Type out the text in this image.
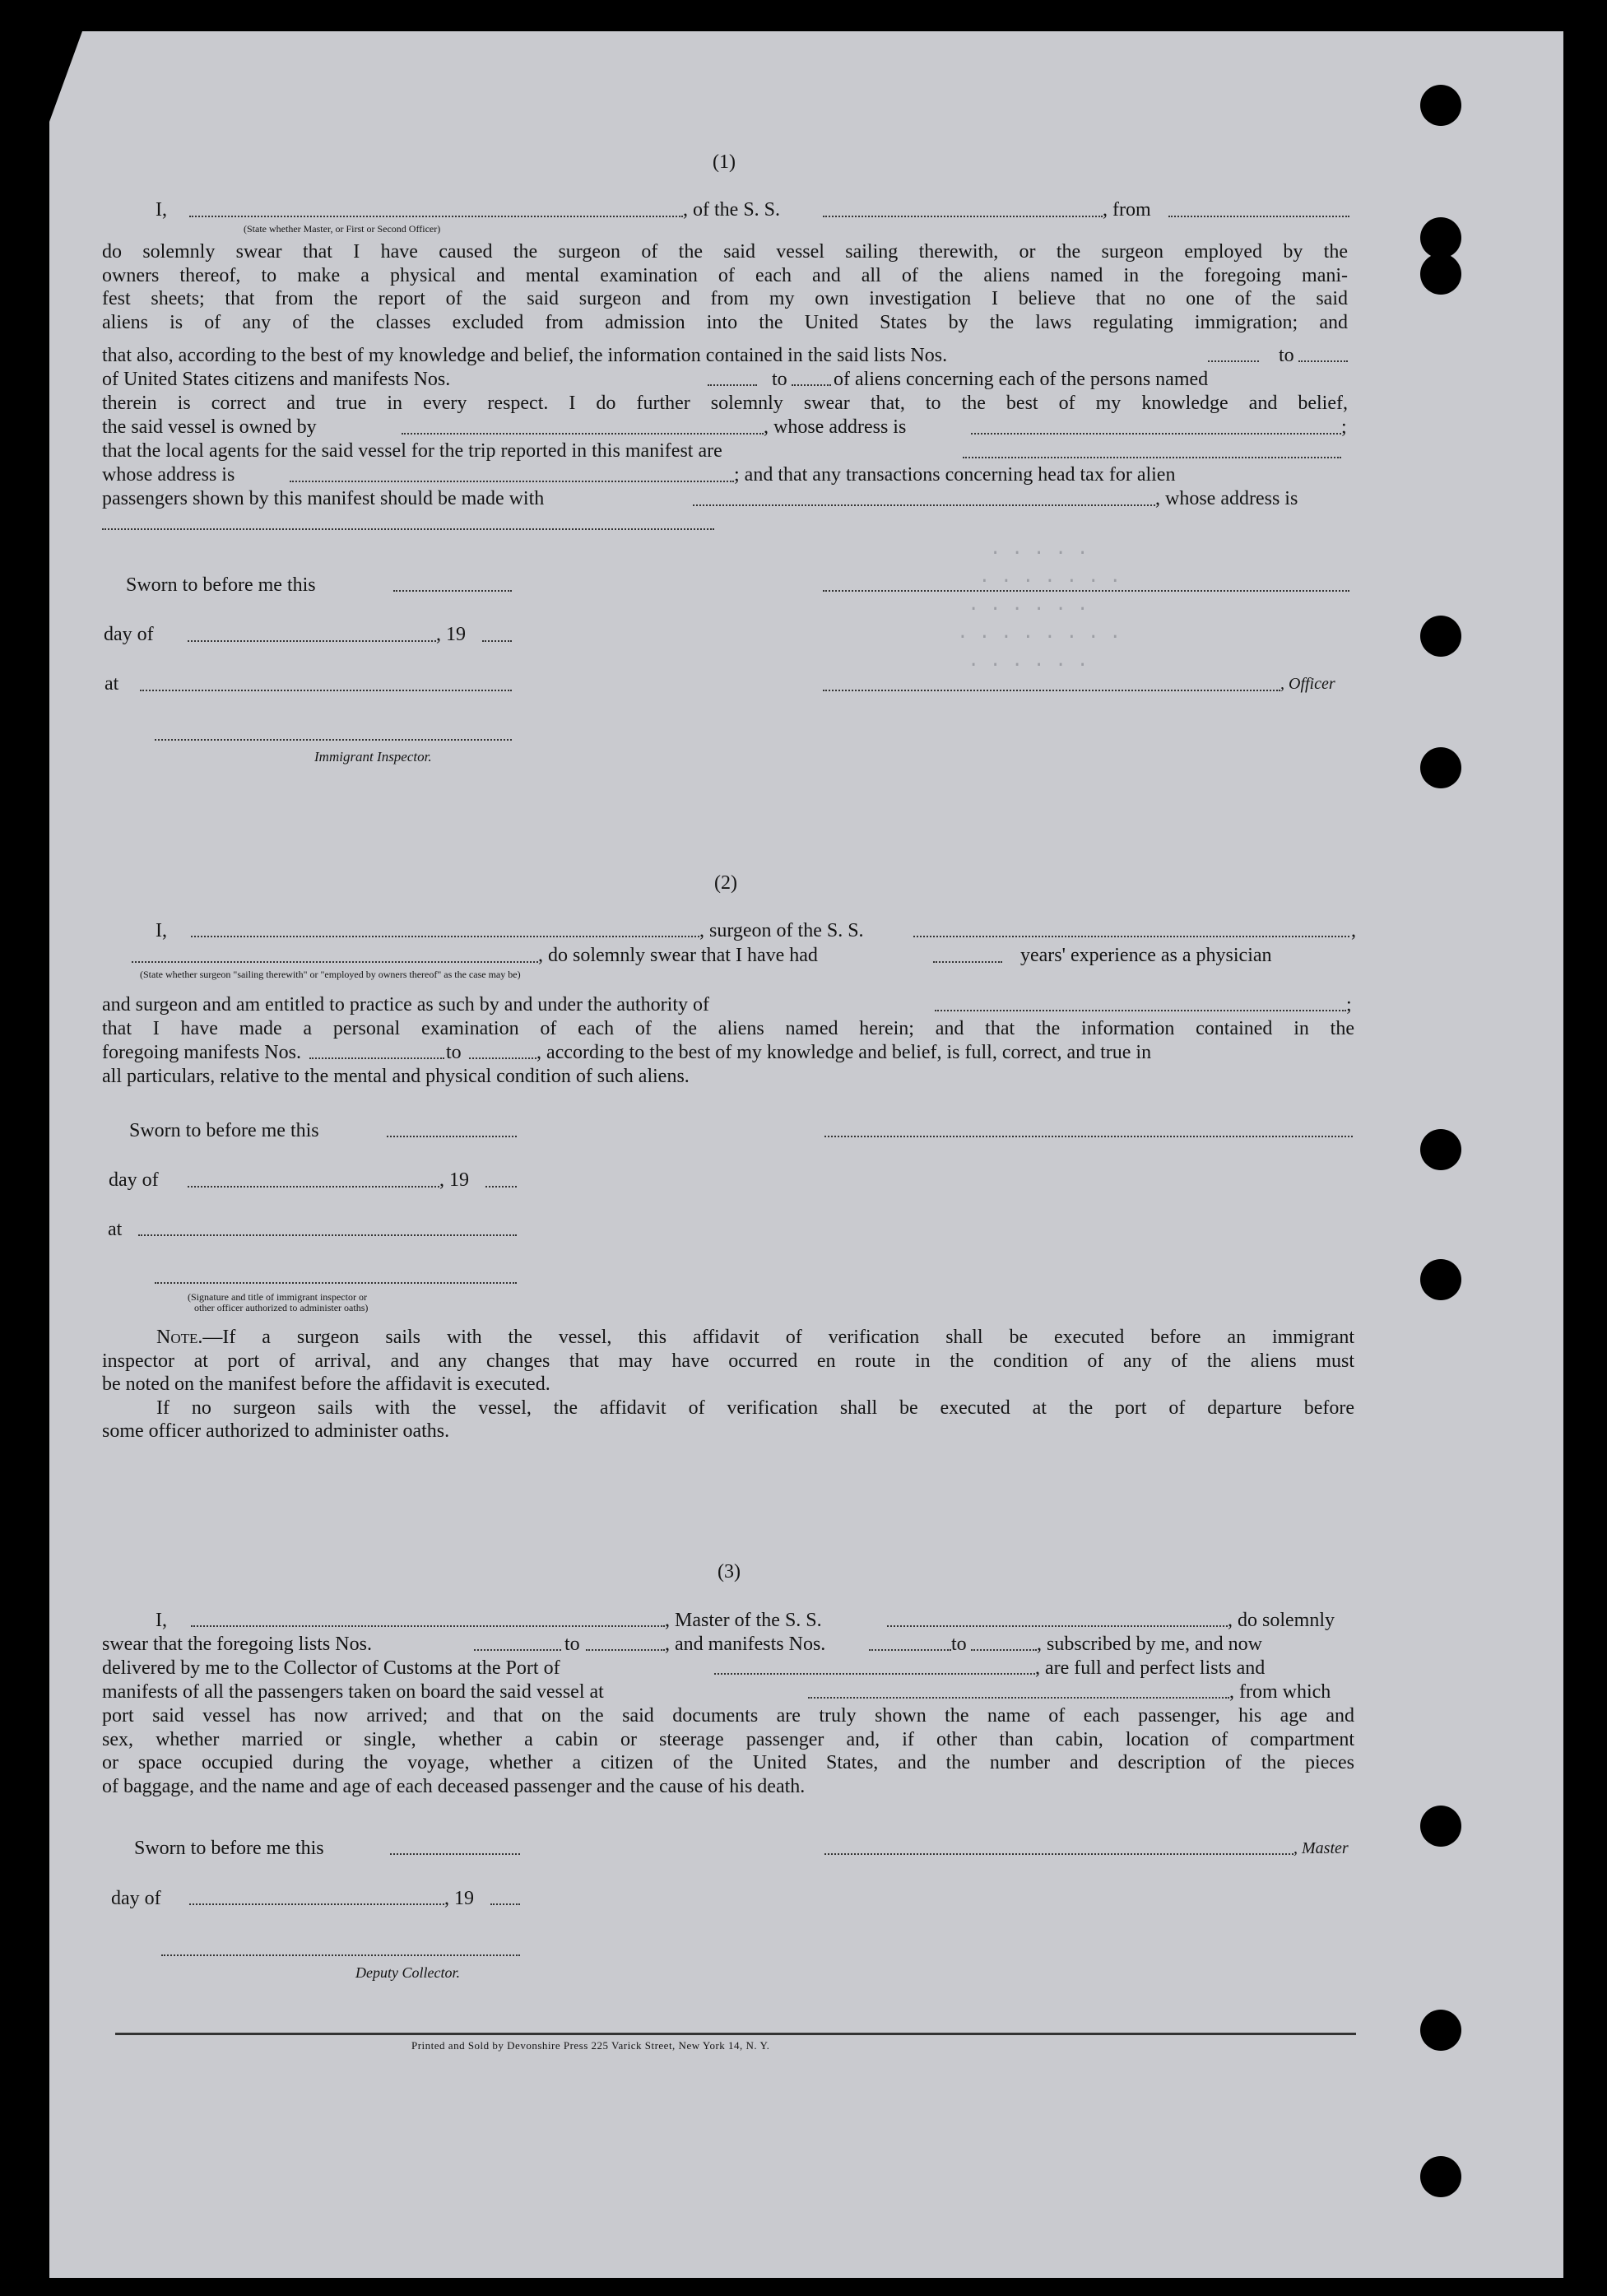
. . . . .
. . . . . . .
. . . . . .
. . . . . . . .
. . . . . .
(1)
I,	, of the S. S.	, from
(State whether Master, or First or Second Officer)
do solemnly swear that I have caused the surgeon of the said vessel sailing therewith, or the surgeon employed by the
owners thereof, to make a physical and mental examination of each and all of the aliens named in the foregoing mani-
fest sheets; that from the report of the said surgeon and from my own investigation I believe that no one of the said
aliens is of any of the classes excluded from admission into the United States by the laws regulating immigration; and
that also, according to the best of my knowledge and belief, the information contained in the said lists Nos.	to
of United States citizens and manifests Nos.	to of aliens concerning each of the persons named
therein is correct and true in every respect. I do further solemnly swear that, to the best of my knowledge and belief,
the said vessel is owned by	, whose address is	;
that the local agents for the said vessel for the trip reported in this manifest are
whose address is	; and that any transactions concerning head tax for alien
passengers shown by this manifest should be made with	, whose address is
Sworn to before me this
day of	, 19
at	, Officer
Immigrant Inspector.
(2)
I,	, surgeon of the S. S.	,
, do solemnly swear that I have had	years' experience as a physician
(State whether surgeon "sailing therewith" or "employed by owners thereof" as the case may be)
and surgeon and am entitled to practice as such by and under the authority of	;
that I have made a personal examination of each of the aliens named herein; and that the information contained in the
foregoing manifests Nos.	to	, according to the best of my knowledge and belief, is full, correct, and true in
all particulars, relative to the mental and physical condition of such aliens.
Sworn to before me this
day of	, 19
at
(Signature and title of immigrant inspector or
other officer authorized to administer oaths)
Note.—If a surgeon sails with the vessel, this affidavit of verification shall be executed before an immigrant
inspector at port of arrival, and any changes that may have occurred en route in the condition of any of the aliens must
be noted on the manifest before the affidavit is executed.
If no surgeon sails with the vessel, the affidavit of verification shall be executed at the port of departure before
some officer authorized to administer oaths.
(3)
I,	, Master of the S. S.	, do solemnly
swear that the foregoing lists Nos.	to	, and manifests Nos.	to	, subscribed by me, and now
delivered by me to the Collector of Customs at the Port of	, are full and perfect lists and
manifests of all the passengers taken on board the said vessel at	, from which
port said vessel has now arrived; and that on the said documents are truly shown the name of each passenger, his age and
sex, whether married or single, whether a cabin or steerage passenger and, if other than cabin, location of compartment
or space occupied during the voyage, whether a citizen of the United States, and the number and description of the pieces
of baggage, and the name and age of each deceased passenger and the cause of his death.
Sworn to before me this	, Master
day of	, 19
Deputy Collector.
Printed and Sold by Devonshire Press 225 Varick Street, New York 14, N. Y.
